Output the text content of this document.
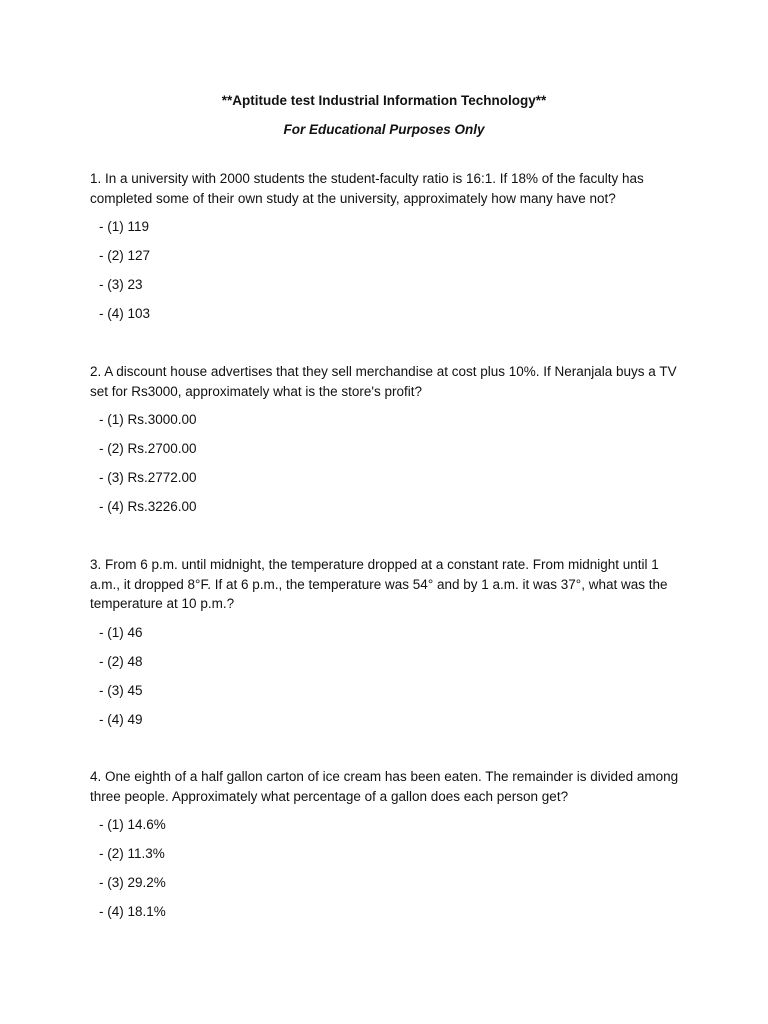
**Aptitude test Industrial Information Technology**
For Educational Purposes Only

1. In a university with 2000 students the student-faculty ratio is 16:1. If 18% of the faculty has completed some of their own study at the university, approximately how many have not?

- (1) 119
- (2) 127
- (3) 23
- (4) 103

2. A discount house advertises that they sell merchandise at cost plus 10%. If Neranjala buys a TV set for Rs3000, approximately what is the store's profit?

- (1) Rs.3000.00
- (2) Rs.2700.00
- (3) Rs.2772.00
- (4) Rs.3226.00

3. From 6 p.m. until midnight, the temperature dropped at a constant rate. From midnight until 1 a.m., it dropped 8°F. If at 6 p.m., the temperature was 54° and by 1 a.m. it was 37°, what was the temperature at 10 p.m.?

- (1) 46
- (2) 48
- (3) 45
- (4) 49

4. One eighth of a half gallon carton of ice cream has been eaten. The remainder is divided among three people. Approximately what percentage of a gallon does each person get?

- (1) 14.6%
- (2) 11.3%
- (3) 29.2%
- (4) 18.1%
